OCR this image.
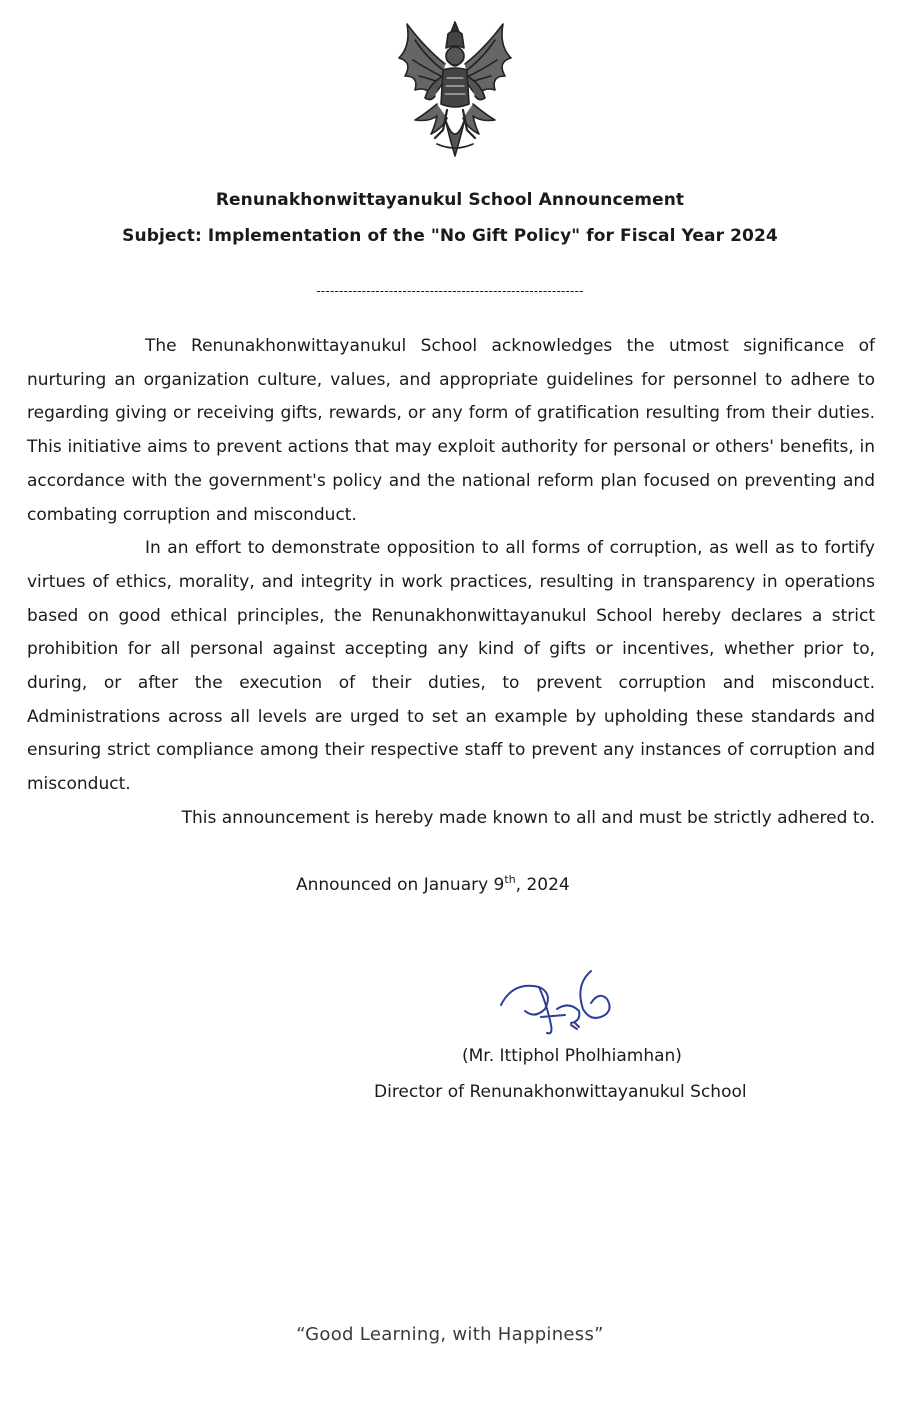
Renunakhonwittayanukul School Announcement
Subject: Implementation of the "No Gift Policy" for Fiscal Year 2024
-----------------------------------------------------------

The Renunakhonwittayanukul School acknowledges the utmost significance of nurturing an organization culture, values, and appropriate guidelines for personnel to adhere to regarding giving or receiving gifts, rewards, or any form of gratification resulting from their duties. This initiative aims to prevent actions that may exploit authority for personal or others' benefits, in accordance with the government's policy and the national reform plan focused on preventing and combating corruption and misconduct.

In an effort to demonstrate opposition to all forms of corruption, as well as to fortify virtues of ethics, morality, and integrity in work practices, resulting in transparency in operations based on good ethical principles, the Renunakhonwittayanukul School hereby declares a strict prohibition for all personal against accepting any kind of gifts or incentives, whether prior to, during, or after the execution of their duties, to prevent corruption and misconduct. Administrations across all levels are urged to set an example by upholding these standards and ensuring strict compliance among their respective staff to prevent any instances of corruption and misconduct.

This announcement is hereby made known to all and must be strictly adhered to.

Announced on January 9th, 2024
(Mr. Ittiphol Pholhiamhan)
Director of Renunakhonwittayanukul School
“Good Learning, with Happiness”
